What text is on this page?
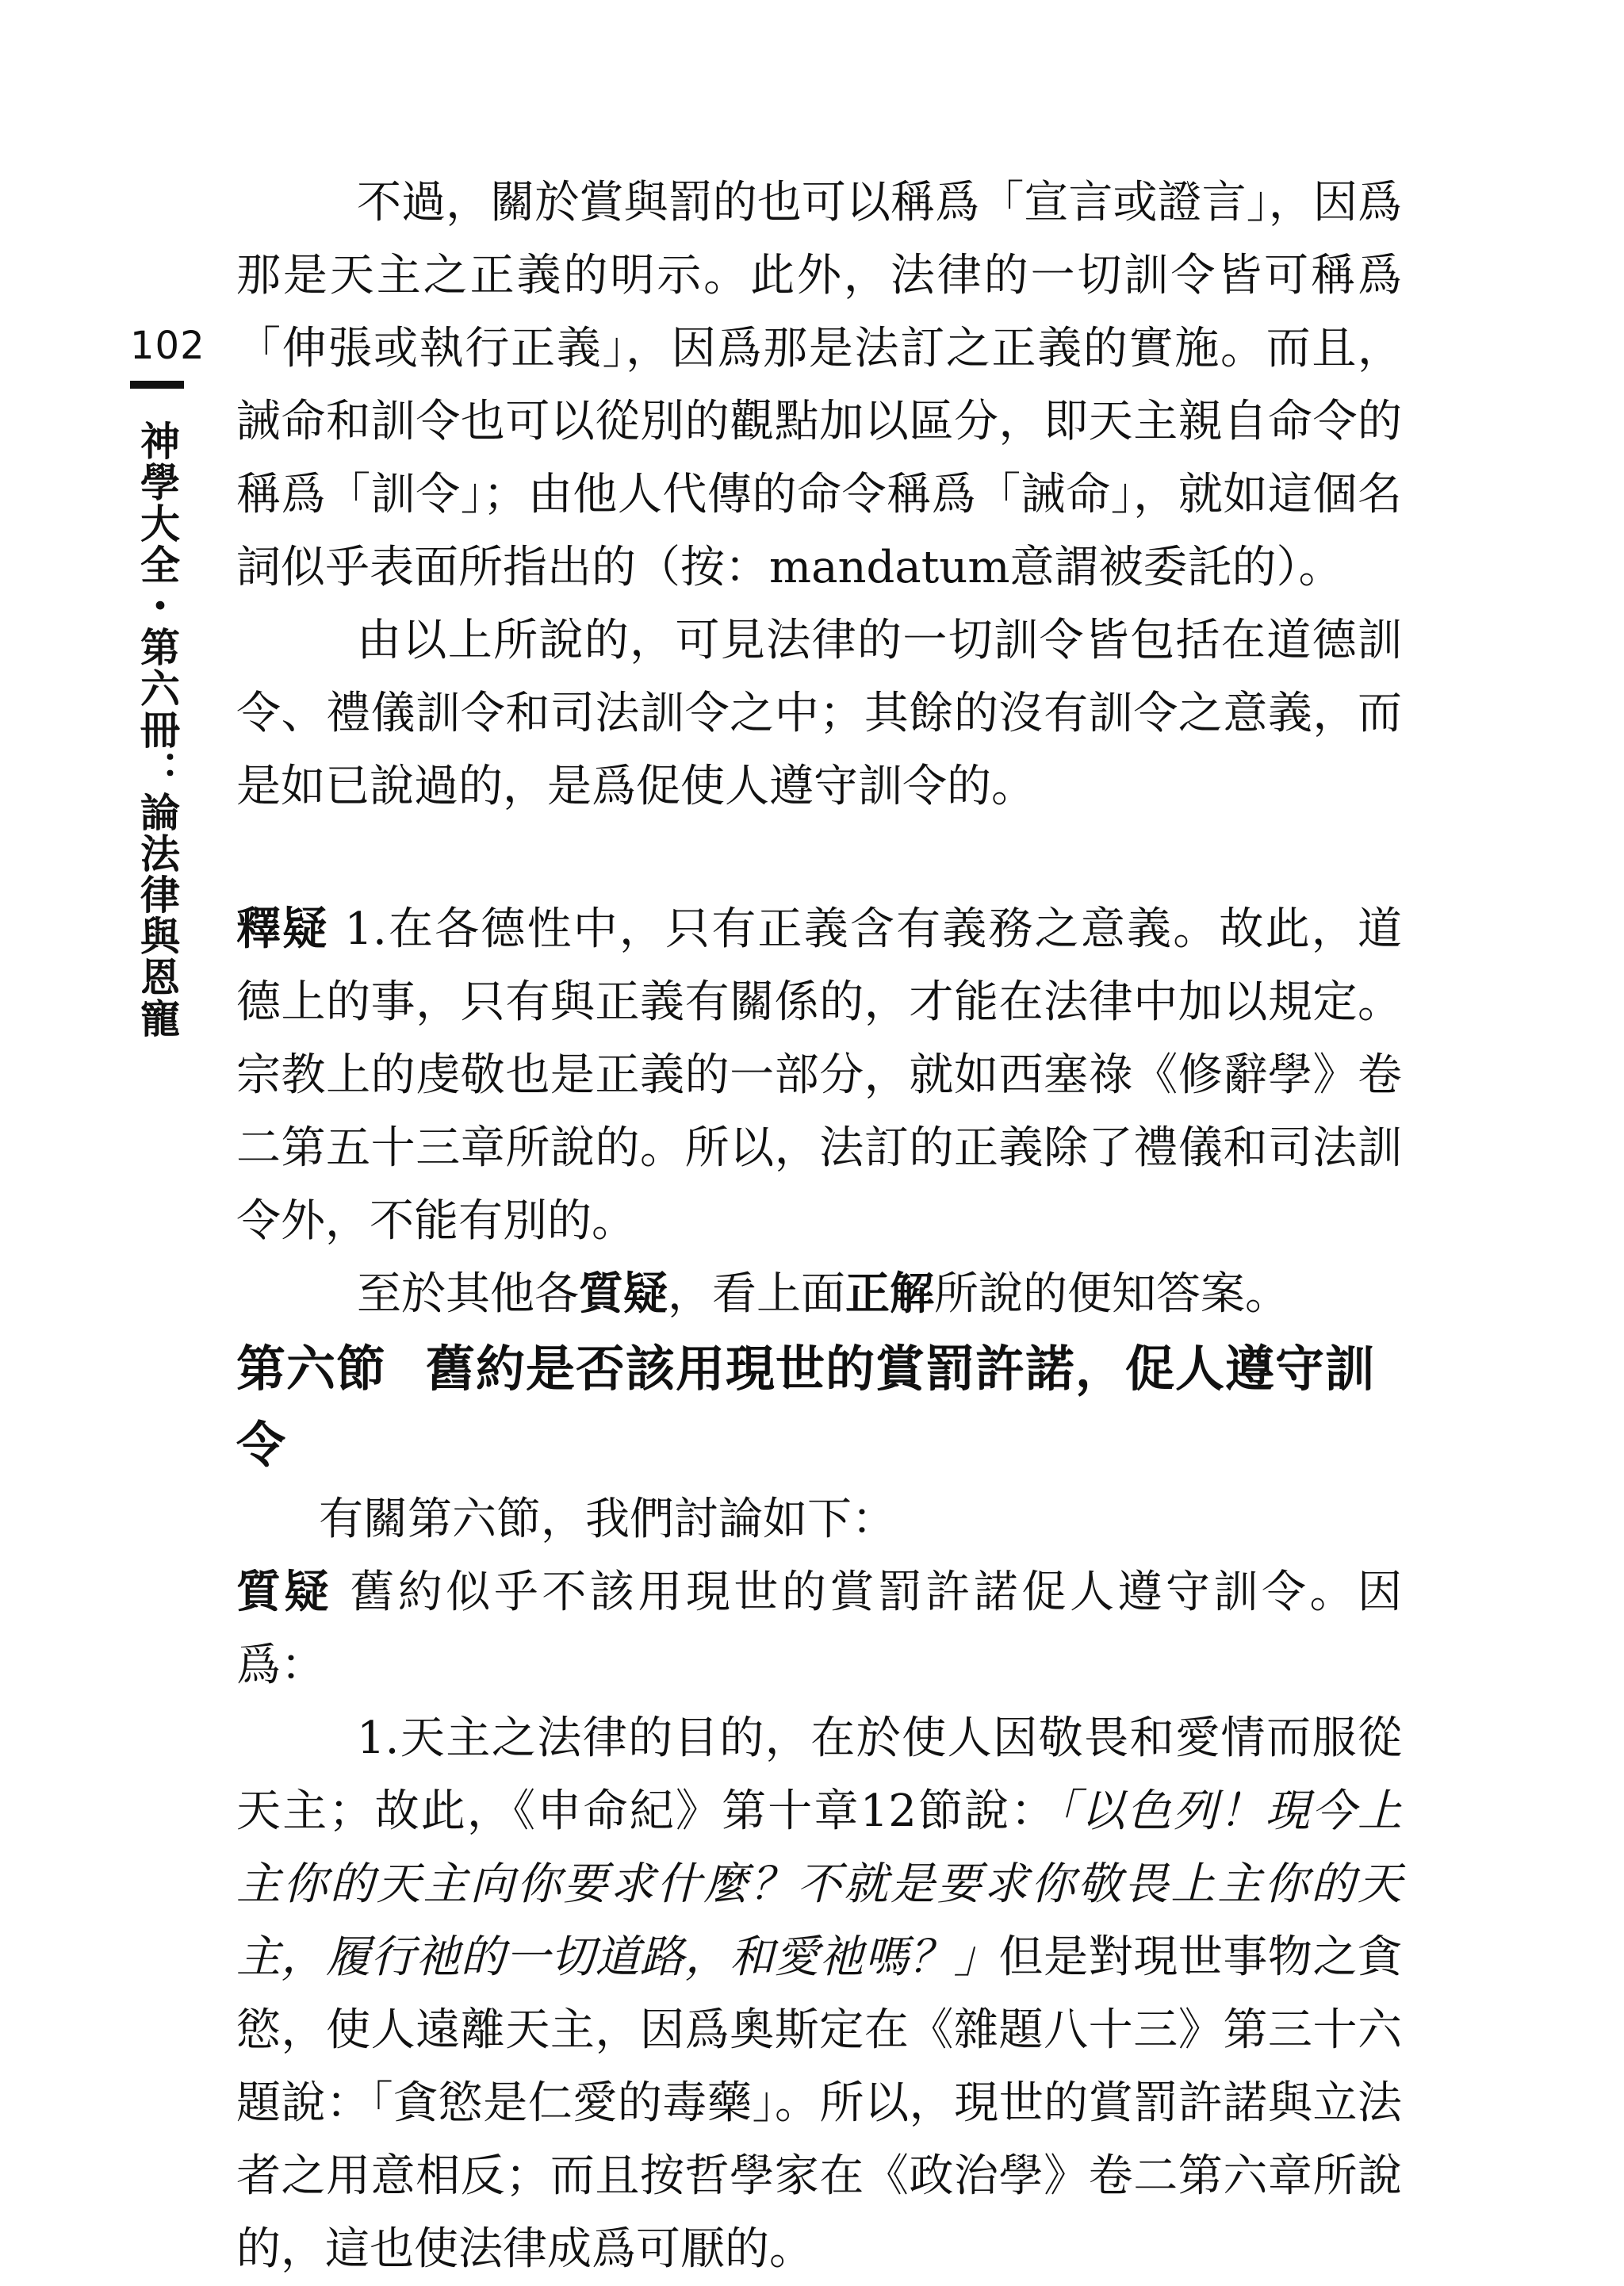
102
神學大全・第六冊：論法律與恩寵

不過，關於賞與罰的也可以稱爲「宣言或證言」，因爲那是天主之正義的明示。此外，法律的一切訓令皆可稱爲「伸張或執行正義」，因爲那是法訂之正義的實施。而且，誡命和訓令也可以從別的觀點加以區分，即天主親自命令的稱爲「訓令」；由他人代傳的命令稱爲「誡命」，就如這個名詞似乎表面所指出的（按：mandatum意謂被委託的）。

由以上所說的，可見法律的一切訓令皆包括在道德訓令、禮儀訓令和司法訓令之中；其餘的沒有訓令之意義，而是如已說過的，是爲促使人遵守訓令的。

釋疑 1.在各德性中，只有正義含有義務之意義。故此，道德上的事，只有與正義有關係的，才能在法律中加以規定。宗教上的虔敬也是正義的一部分，就如西塞祿《修辭學》卷二第五十三章所說的。所以，法訂的正義除了禮儀和司法訓令外，不能有別的。

至於其他各質疑，看上面正解所說的便知答案。

第六節 舊約是否該用現世的賞罰許諾，促人遵守訓令

有關第六節，我們討論如下：

質疑 舊約似乎不該用現世的賞罰許諾促人遵守訓令。因爲：

1.天主之法律的目的，在於使人因敬畏和愛情而服從天主；故此，《申命紀》第十章12節說：「以色列！現今上主你的天主向你要求什麼？不就是要求你敬畏上主你的天主，履行祂的一切道路，和愛祂嗎？」但是對現世事物之貪慾，使人遠離天主，因爲奧斯定在《雜題八十三》第三十六題說：「貪慾是仁愛的毒藥」。所以，現世的賞罰許諾與立法者之用意相反；而且按哲學家在《政治學》卷二第六章所說的，這也使法律成爲可厭的。
